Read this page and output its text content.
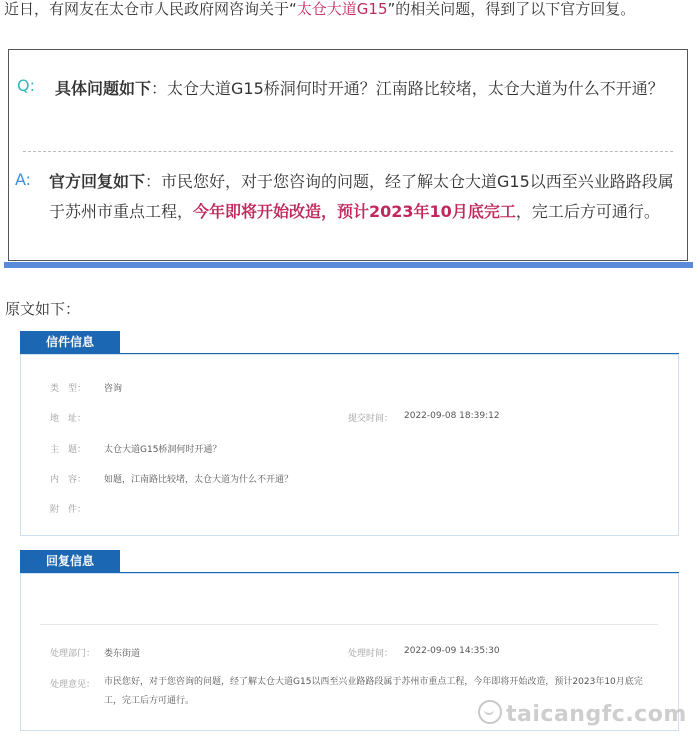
近日，有网友在太仓市人民政府网咨询关于“太仓大道G15”的相关问题，得到了以下官方回复。
Q: 具体问题如下：太仓大道G15桥洞何时开通？江南路比较堵，太仓大道为什么不开通？
A: 官方回复如下：市民您好，对于您咨询的问题，经了解太仓大道G15以西至兴业路路段属于苏州市重点工程，今年即将开始改造，预计2023年10月底完工，完工后方可通行。
原文如下：
信件信息
类　型： 咨询
地　址：	提交时间： 2022-09-08 18:39:12
主　题： 太仓大道G15桥洞何时开通？
内　容： 如题，江南路比较堵，太仓大道为什么不开通？
附　件：
回复信息
处理部门： 娄东街道	处理时间： 2022-09-09 14:35:30
处理意见： 市民您好，对于您咨询的问题，经了解太仓大道G15以西至兴业路路段属于苏州市重点工程，今年即将开始改造，预计2023年10月底完工，完工后方可通行。
taicangfc.com
